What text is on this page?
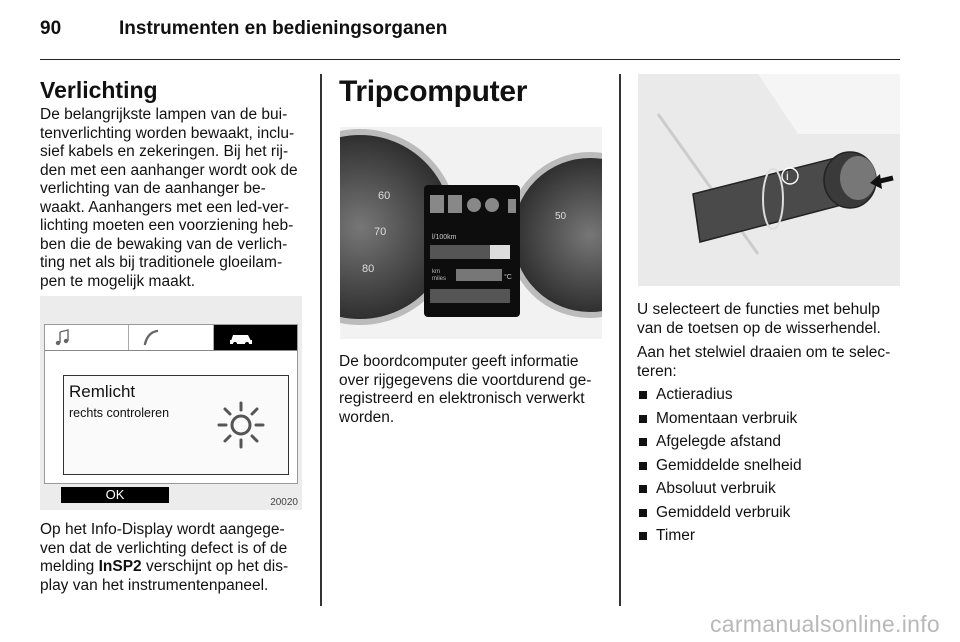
90	Instrumenten en bedieningsorganen
Verlichting
De belangrijkste lampen van de bui-
tenverlichting worden bewaakt, inclu-
sief kabels en zekeringen. Bij het rij-
den met een aanhanger wordt ook de
verlichting van de aanhanger be-
waakt. Aanhangers met een led-ver-
lichting moeten een voorziening heb-
ben die de bewaking van de verlich-
ting net als bij traditionele gloeilam-
pen te mogelijk maakt.
Remlicht
rechts controleren
OK
20020
Op het Info-Display wordt aangege-
ven dat de verlichting defect is of de
melding InSP2 verschijnt op het dis-
play van het instrumentenpaneel.
Tripcomputer
60
70
80
50
l/100km
km
miles	°C
De boordcomputer geeft informatie
over rijgegevens die voortdurend ge-
registreerd en elektronisch verwerkt
worden.
i
U selecteert de functies met behulp
van de toetsen op de wisserhendel.
Aan het stelwiel draaien om te selec-
teren:
Actieradius
Momentaan verbruik
Afgelegde afstand
Gemiddelde snelheid
Absoluut verbruik
Gemiddeld verbruik
Timer
carmanualsonline.info
